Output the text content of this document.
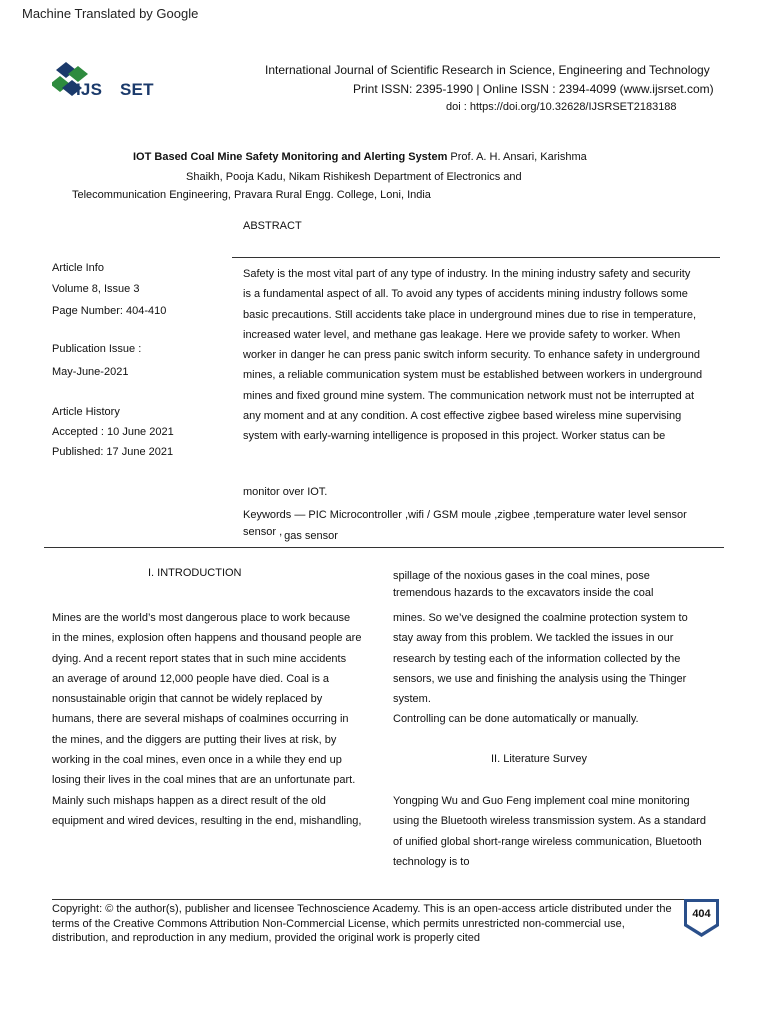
Machine Translated by Google
IJS SET
International Journal of Scientific Research in Science, Engineering and Technology
Print ISSN: 2395-1990 | Online ISSN : 2394-4099 (www.ijsrset.com)
doi : https://doi.org/10.32628/IJSRSET2183188
IOT Based Coal Mine Safety Monitoring and Alerting System Prof. A. H. Ansari, Karishma
Shaikh, Pooja Kadu, Nikam Rishikesh Department of Electronics and
Telecommunication Engineering, Pravara Rural Engg. College, Loni, India
ABSTRACT
Article Info
Volume 8, Issue 3
Page Number: 404-410
Publication Issue :
May-June-2021
Article History
Accepted : 10 June 2021
Published: 17 June 2021
Safety is the most vital part of any type of industry. In the mining industry safety and security
is a fundamental aspect of all. To avoid any types of accidents mining industry follows some
basic precautions. Still accidents take place in underground mines due to rise in temperature,
increased water level, and methane gas leakage. Here we provide safety to worker. When
worker in danger he can press panic switch inform security. To enhance safety in underground
mines, a reliable communication system must be established between workers in underground
mines and fixed ground mine system. The communication network must not be interrupted at
any moment and at any condition. A cost effective zigbee based wireless mine supervising
system with early-warning intelligence is proposed in this project. Worker status can be
monitor over IOT.
Keywords — PIC Microcontroller ,wifi / GSM moule ,zigbee ,temperature water level sensor
sensor , gas sensor
I. INTRODUCTION
Mines are the world’s most dangerous place to work because
in the mines, explosion often happens and thousand people are
dying. And a recent report states that in such mine accidents
an average of around 12,000 people have died. Coal is a
nonsustainable origin that cannot be widely replaced by
humans, there are several mishaps of coalmines occurring in
the mines, and the diggers are putting their lives at risk, by
working in the coal mines, even once in a while they end up
losing their lives in the coal mines that are an unfortunate part.
Mainly such mishaps happen as a direct result of the old
equipment and wired devices, resulting in the end, mishandling,
spillage of the noxious gases in the coal mines, pose
tremendous hazards to the excavators inside the coal
mines. So we’ve designed the coalmine protection system to
stay away from this problem. We tackled the issues in our
research by testing each of the information collected by the
sensors, we use and finishing the analysis using the Thinger
system.
Controlling can be done automatically or manually.
II. Literature Survey
Yongping Wu and Guo Feng implement coal mine monitoring
using the Bluetooth wireless transmission system. As a standard
of unified global short-range wireless communication, Bluetooth
technology is to
Copyright: © the author(s), publisher and licensee Technoscience Academy. This is an open-access article distributed under the terms of the Creative Commons Attribution Non-Commercial License, which permits unrestricted non-commercial use, distribution, and reproduction in any medium, provided the original work is properly cited
404
